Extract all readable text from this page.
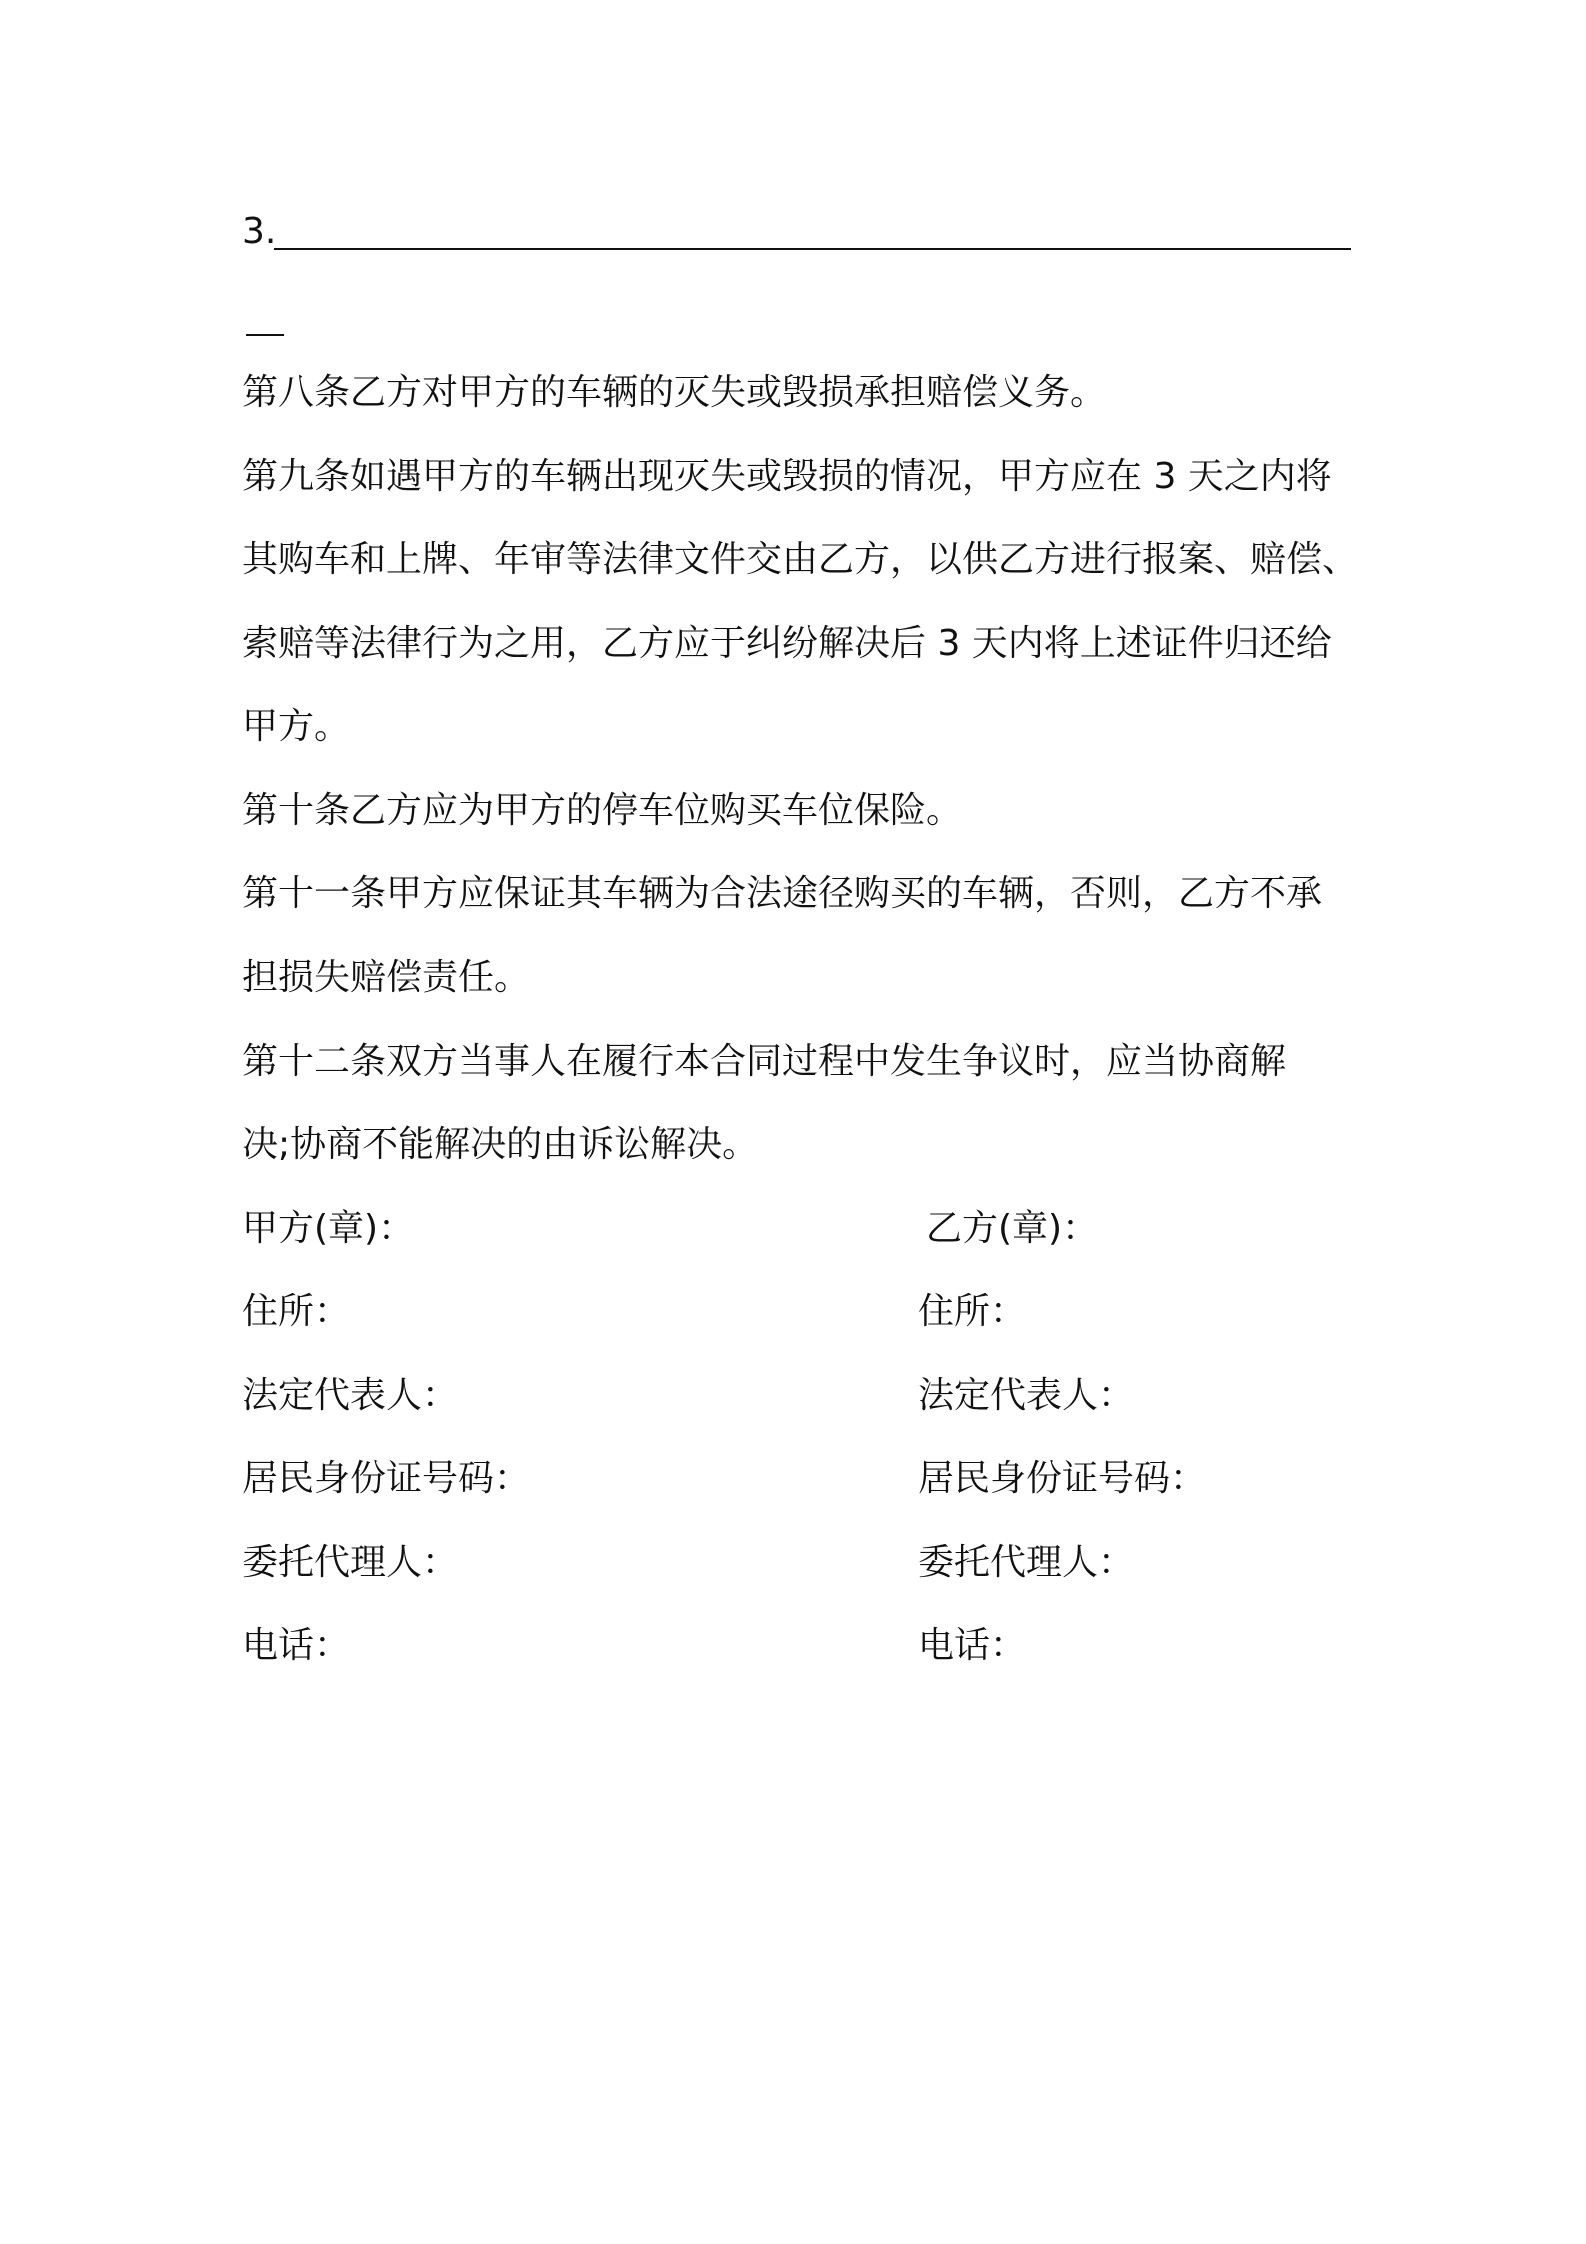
3.
第八条乙方对甲方的车辆的灭失或毁损承担赔偿义务。
第九条如遇甲方的车辆出现灭失或毁损的情况，甲方应在 3 天之内将
其购车和上牌、年审等法律文件交由乙方，以供乙方进行报案、赔偿、
索赔等法律行为之用，乙方应于纠纷解决后 3 天内将上述证件归还给
甲方。
第十条乙方应为甲方的停车位购买车位保险。
第十一条甲方应保证其车辆为合法途径购买的车辆，否则，乙方不承
担损失赔偿责任。
第十二条双方当事人在履行本合同过程中发生争议时，应当协商解
决;协商不能解决的由诉讼解决。
甲方(章)：
住所：
法定代表人：
居民身份证号码：
委托代理人：
电话：
乙方(章)：
住所：
法定代表人：
居民身份证号码：
委托代理人：
电话：
